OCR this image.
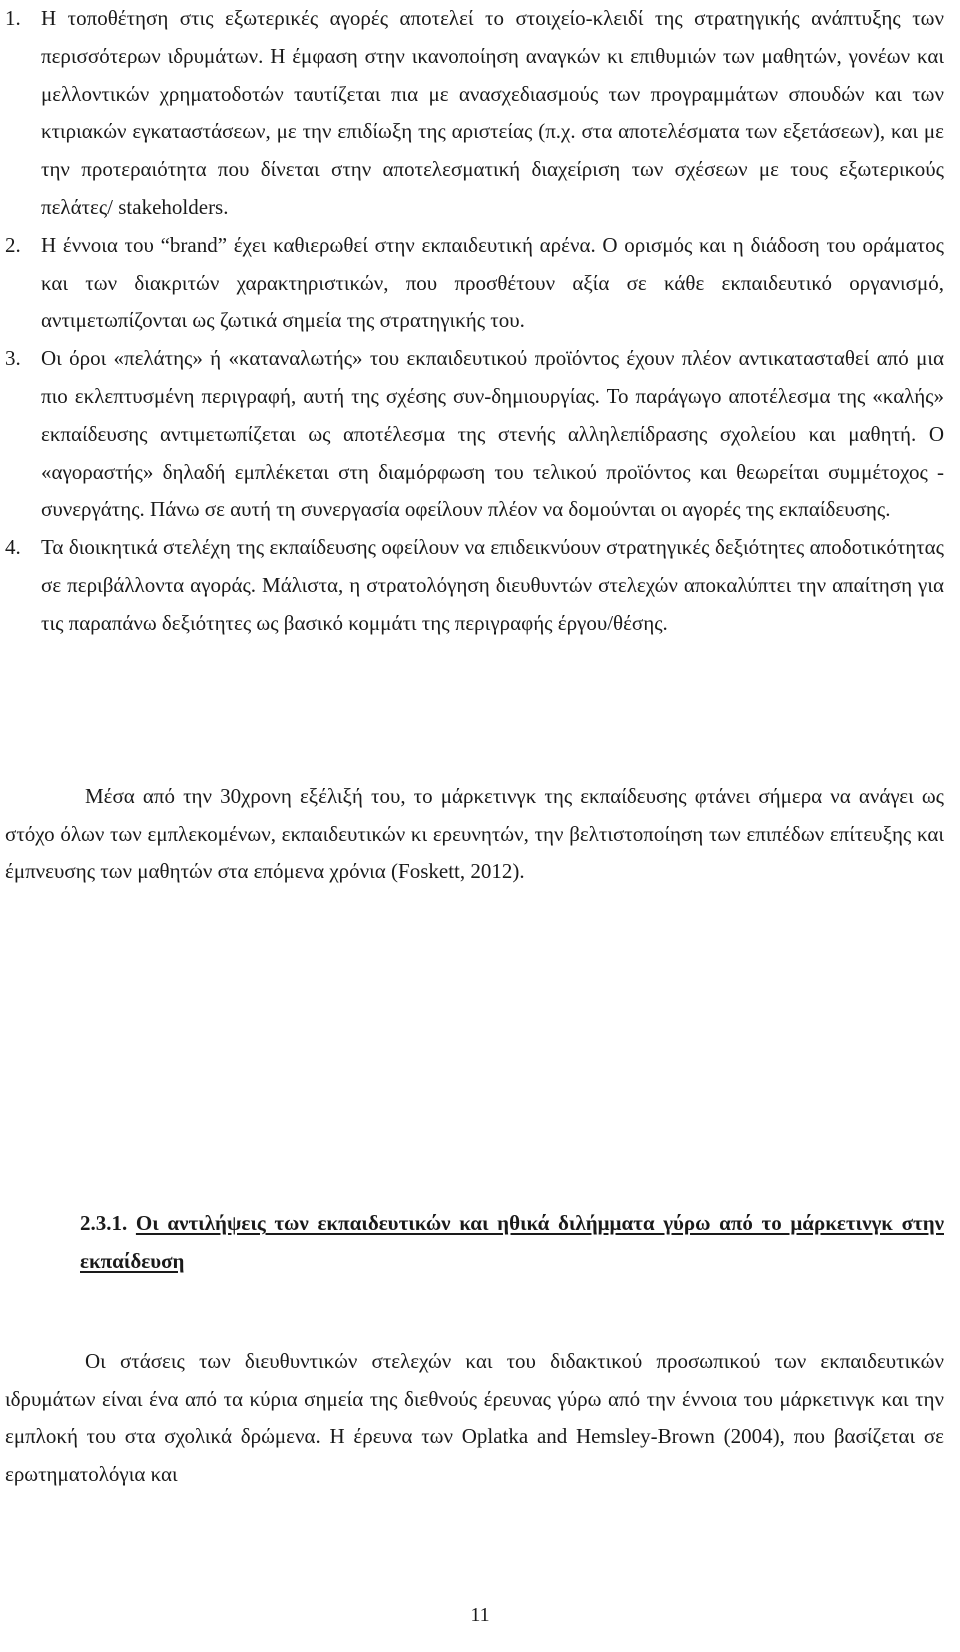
1. Η τοποθέτηση στις εξωτερικές αγορές αποτελεί το στοιχείο-κλειδί της στρατηγικής ανάπτυξης των περισσότερων ιδρυμάτων. Η έμφαση στην ικανοποίηση αναγκών κι επιθυμιών των μαθητών, γονέων και μελλοντικών χρηματοδοτών ταυτίζεται πια με ανασχεδιασμούς των προγραμμάτων σπουδών και των κτιριακών εγκαταστάσεων, με την επιδίωξη της αριστείας (π.χ. στα αποτελέσματα των εξετάσεων), και με την προτεραιότητα που δίνεται στην αποτελεσματική διαχείριση των σχέσεων με τους εξωτερικούς πελάτες/ stakeholders.
2. Η έννοια του “brand” έχει καθιερωθεί στην εκπαιδευτική αρένα. Ο ορισμός και η διάδοση του οράματος και των διακριτών χαρακτηριστικών, που προσθέτουν αξία σε κάθε εκπαιδευτικό οργανισμό, αντιμετωπίζονται ως ζωτικά σημεία της στρατηγικής του.
3. Οι όροι «πελάτης» ή «καταναλωτής» του εκπαιδευτικού προϊόντος έχουν πλέον αντικατασταθεί από μια πιο εκλεπτυσμένη περιγραφή, αυτή της σχέσης συν-δημιουργίας. Το παράγωγο αποτέλεσμα της «καλής» εκπαίδευσης αντιμετωπίζεται ως αποτέλεσμα της στενής αλληλεπίδρασης σχολείου και μαθητή. Ο «αγοραστής» δηλαδή εμπλέκεται στη διαμόρφωση του τελικού προϊόντος και θεωρείται συμμέτοχος - συνεργάτης. Πάνω σε αυτή τη συνεργασία οφείλουν πλέον να δομούνται οι αγορές της εκπαίδευσης.
4. Τα διοικητικά στελέχη της εκπαίδευσης οφείλουν να επιδεικνύουν στρατηγικές δεξιότητες αποδοτικότητας σε περιβάλλοντα αγοράς. Μάλιστα, η στρατολόγηση διευθυντών στελεχών αποκαλύπτει την απαίτηση για τις παραπάνω δεξιότητες ως βασικό κομμάτι της περιγραφής έργου/θέσης.

Μέσα από την 30χρονη εξέλιξή του, το μάρκετινγκ της εκπαίδευσης φτάνει σήμερα να ανάγει ως στόχο όλων των εμπλεκομένων, εκπαιδευτικών κι ερευνητών, την βελτιστοποίηση των επιπέδων επίτευξης και έμπνευσης των μαθητών στα επόμενα χρόνια (Foskett, 2012).

2.3.1. Οι αντιλήψεις των εκπαιδευτικών και ηθικά διλήμματα γύρω από το μάρκετινγκ στην εκπαίδευση

Οι στάσεις των διευθυντικών στελεχών και του διδακτικού προσωπικού των εκπαιδευτικών ιδρυμάτων είναι ένα από τα κύρια σημεία της διεθνούς έρευνας γύρω από την έννοια του μάρκετινγκ και την εμπλοκή του στα σχολικά δρώμενα. Η έρευνα των Oplatka and Hemsley-Brown (2004), που βασίζεται σε ερωτηματολόγια και

11
